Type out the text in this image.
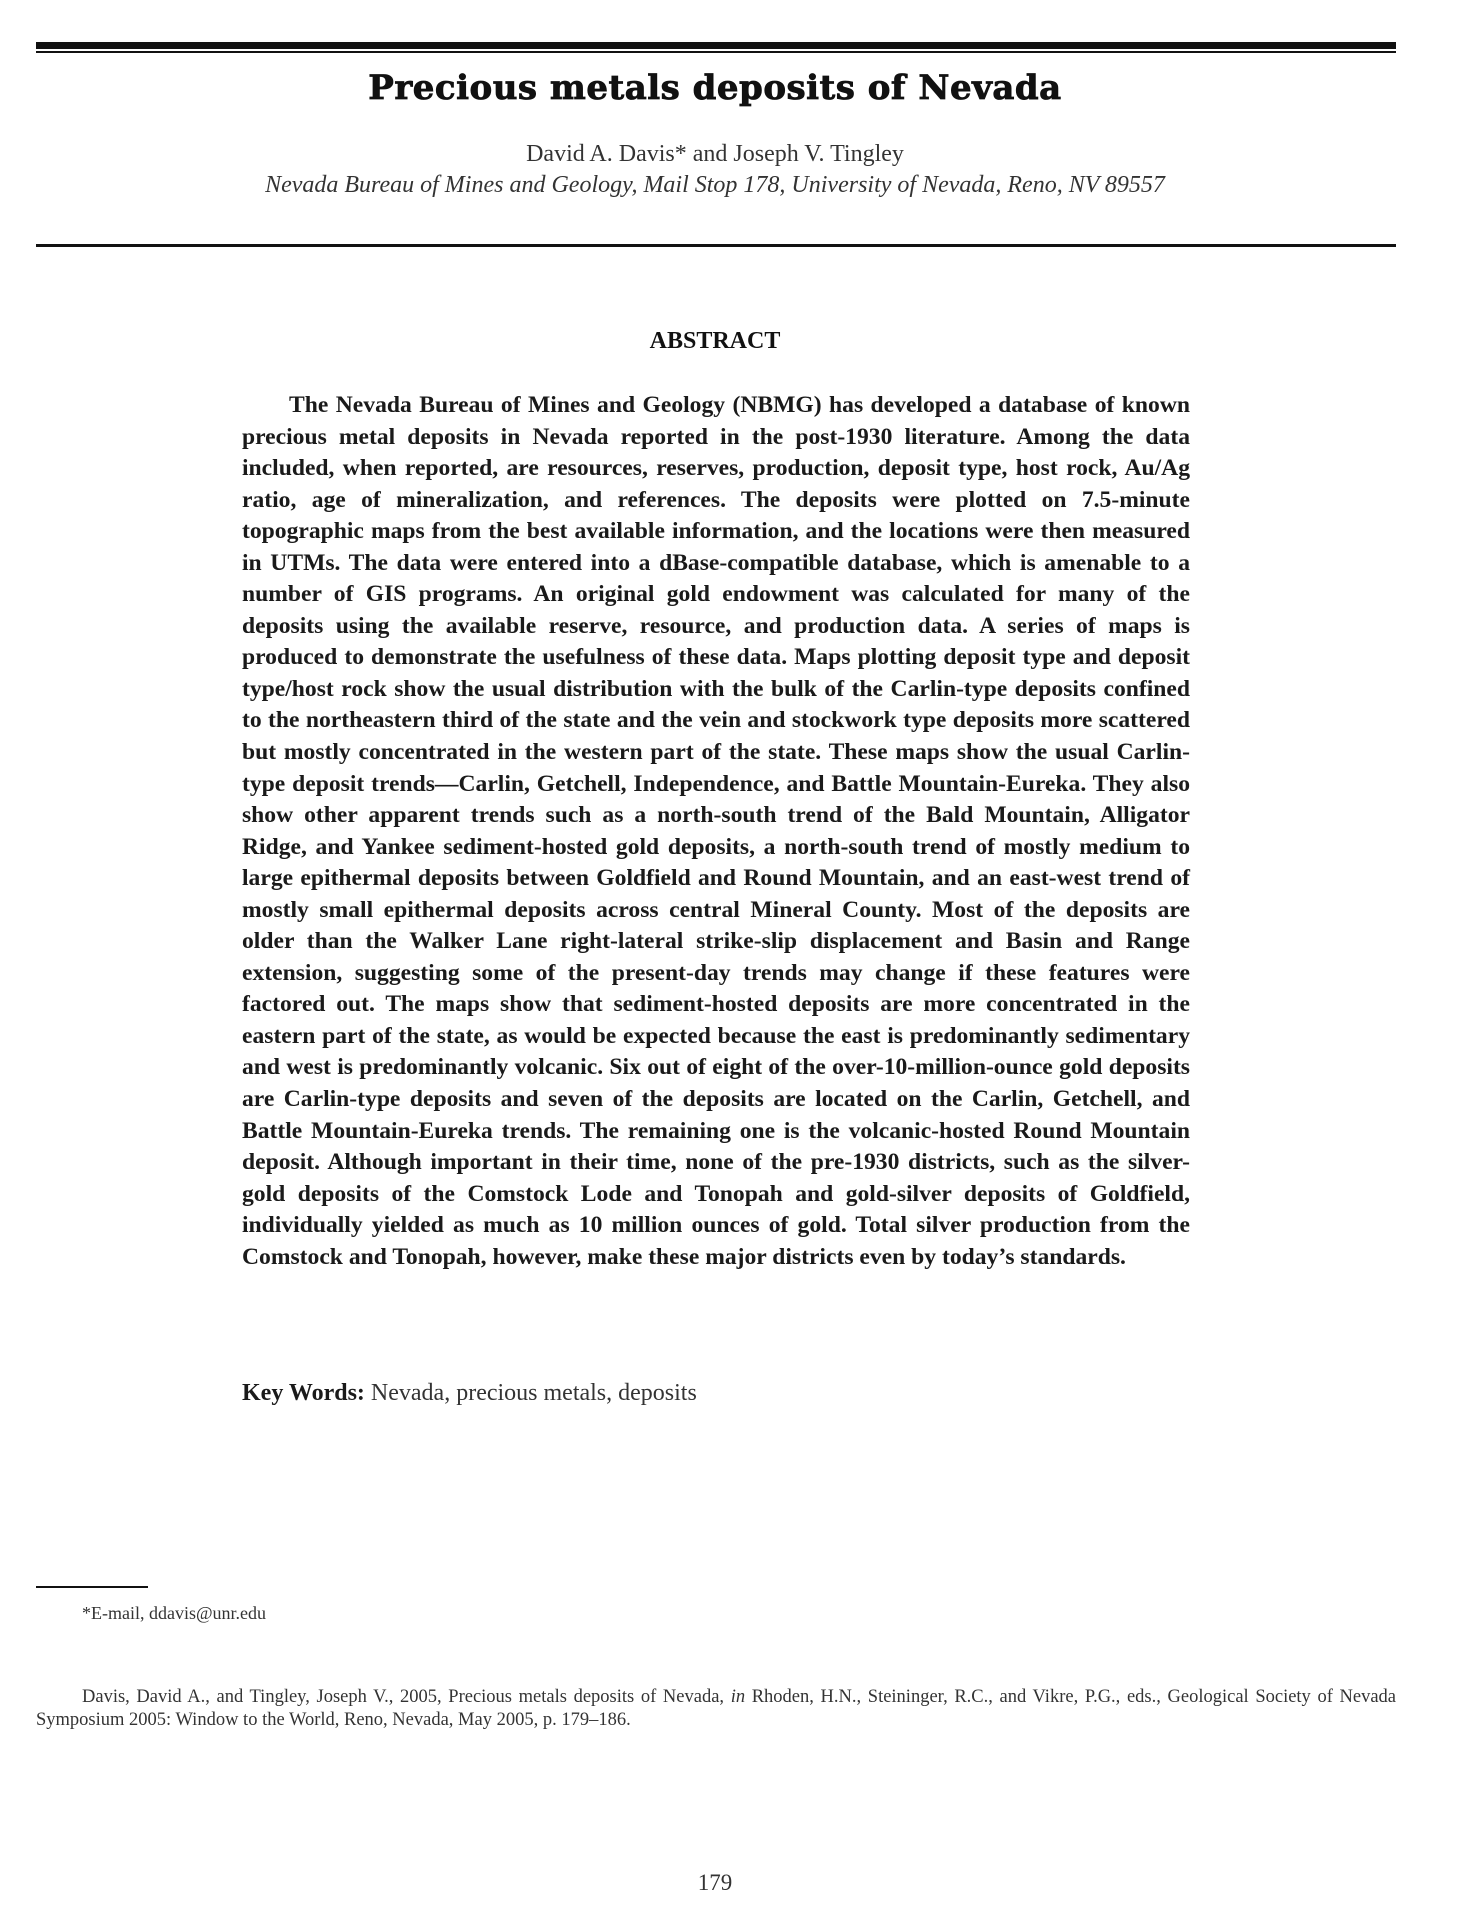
Precious metals deposits of Nevada
David A. Davis* and Joseph V. Tingley
Nevada Bureau of Mines and Geology, Mail Stop 178, University of Nevada, Reno, NV 89557
ABSTRACT

The Nevada Bureau of Mines and Geology (NBMG) has developed a database of known precious metal deposits in Nevada reported in the post-1930 literature. Among the data included, when reported, are resources, reserves, production, deposit type, host rock, Au/Ag ratio, age of mineralization, and references. The deposits were plotted on 7.5-minute topographic maps from the best available information, and the locations were then measured in UTMs. The data were entered into a dBase-compatible database, which is amenable to a number of GIS programs. An original gold endowment was calculated for many of the deposits using the available reserve, resource, and production data. A series of maps is produced to demonstrate the usefulness of these data. Maps plotting deposit type and deposit type/host rock show the usual distribution with the bulk of the Carlin-type deposits confined to the northeastern third of the state and the vein and stockwork type deposits more scattered but mostly concentrated in the western part of the state. These maps show the usual Carlin-type deposit trends—Carlin, Getchell, Independence, and Battle Mountain-Eureka. They also show other apparent trends such as a north-south trend of the Bald Mountain, Alligator Ridge, and Yankee sediment-hosted gold deposits, a north-south trend of mostly medium to large epithermal deposits between Goldfield and Round Mountain, and an east-west trend of mostly small epithermal deposits across central Mineral County. Most of the deposits are older than the Walker Lane right-lateral strike-slip displacement and Basin and Range extension, suggesting some of the present-day trends may change if these features were factored out. The maps show that sediment-hosted deposits are more concentrated in the eastern part of the state, as would be expected because the east is predominantly sedimentary and west is predominantly volcanic. Six out of eight of the over-10-million-ounce gold deposits are Carlin-type deposits and seven of the deposits are located on the Carlin, Getchell, and Battle Mountain-Eureka trends. The remaining one is the volcanic-hosted Round Mountain deposit. Although important in their time, none of the pre-1930 districts, such as the silver-gold deposits of the Comstock Lode and Tonopah and gold-silver deposits of Goldfield, individually yielded as much as 10 million ounces of gold. Total silver production from the Comstock and Tonopah, however, make these major districts even by today’s standards.

Key Words: Nevada, precious metals, deposits
*E-mail, ddavis@unr.edu

Davis, David A., and Tingley, Joseph V., 2005, Precious metals deposits of Nevada, in Rhoden, H.N., Steininger, R.C., and Vikre, P.G., eds., Geological Society of Nevada Symposium 2005: Window to the World, Reno, Nevada, May 2005, p. 179–186.

179
